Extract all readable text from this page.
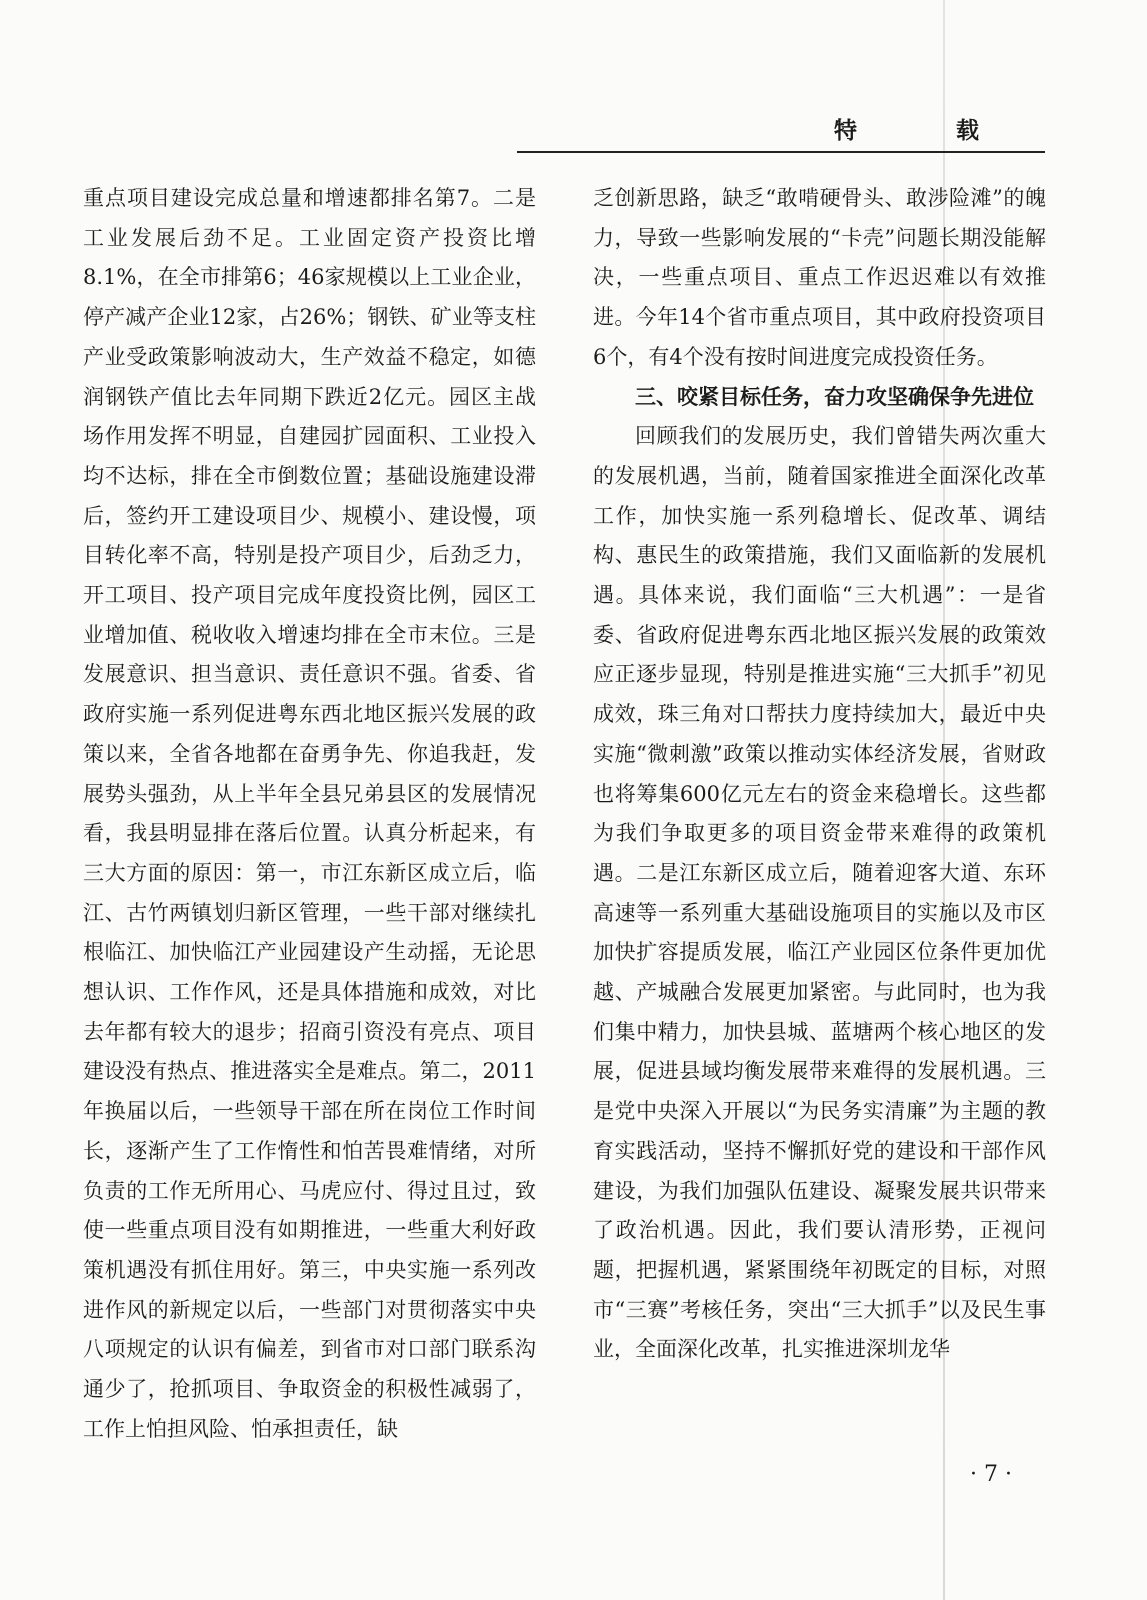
特　载

重点项目建设完成总量和增速都排名第7。二是工业发展后劲不足。工业固定资产投资比增8.1%，在全市排第6；46家规模以上工业企业，停产减产企业12家，占26%；钢铁、矿业等支柱产业受政策影响波动大，生产效益不稳定，如德润钢铁产值比去年同期下跌近2亿元。园区主战场作用发挥不明显，自建园扩园面积、工业投入均不达标，排在全市倒数位置；基础设施建设滞后，签约开工建设项目少、规模小、建设慢，项目转化率不高，特别是投产项目少，后劲乏力，开工项目、投产项目完成年度投资比例，园区工业增加值、税收收入增速均排在全市末位。三是发展意识、担当意识、责任意识不强。省委、省政府实施一系列促进粤东西北地区振兴发展的政策以来，全省各地都在奋勇争先、你追我赶，发展势头强劲，从上半年全县兄弟县区的发展情况看，我县明显排在落后位置。认真分析起来，有三大方面的原因：第一，市江东新区成立后，临江、古竹两镇划归新区管理，一些干部对继续扎根临江、加快临江产业园建设产生动摇，无论思想认识、工作作风，还是具体措施和成效，对比去年都有较大的退步；招商引资没有亮点、项目建设没有热点、推进落实全是难点。第二，2011年换届以后，一些领导干部在所在岗位工作时间长，逐渐产生了工作惰性和怕苦畏难情绪，对所负责的工作无所用心、马虎应付、得过且过，致使一些重点项目没有如期推进，一些重大利好政策机遇没有抓住用好。第三，中央实施一系列改进作风的新规定以后，一些部门对贯彻落实中央八项规定的认识有偏差，到省市对口部门联系沟通少了，抢抓项目、争取资金的积极性减弱了，工作上怕担风险、怕承担责任，缺

乏创新思路，缺乏“敢啃硬骨头、敢涉险滩”的魄力，导致一些影响发展的“卡壳”问题长期没能解决，一些重点项目、重点工作迟迟难以有效推进。今年14个省市重点项目，其中政府投资项目6个，有4个没有按时间进度完成投资任务。

三、咬紧目标任务，奋力攻坚确保争先进位

回顾我们的发展历史，我们曾错失两次重大的发展机遇，当前，随着国家推进全面深化改革工作，加快实施一系列稳增长、促改革、调结构、惠民生的政策措施，我们又面临新的发展机遇。具体来说，我们面临“三大机遇”：一是省委、省政府促进粤东西北地区振兴发展的政策效应正逐步显现，特别是推进实施“三大抓手”初见成效，珠三角对口帮扶力度持续加大，最近中央实施“微刺激”政策以推动实体经济发展，省财政也将筹集600亿元左右的资金来稳增长。这些都为我们争取更多的项目资金带来难得的政策机遇。二是江东新区成立后，随着迎客大道、东环高速等一系列重大基础设施项目的实施以及市区加快扩容提质发展，临江产业园区位条件更加优越、产城融合发展更加紧密。与此同时，也为我们集中精力，加快县城、蓝塘两个核心地区的发展，促进县域均衡发展带来难得的发展机遇。三是党中央深入开展以“为民务实清廉”为主题的教育实践活动，坚持不懈抓好党的建设和干部作风建设，为我们加强队伍建设、凝聚发展共识带来了政治机遇。因此，我们要认清形势，正视问题，把握机遇，紧紧围绕年初既定的目标，对照市“三赛”考核任务，突出“三大抓手”以及民生事业，全面深化改革，扎实推进深圳龙华

· 7 ·
